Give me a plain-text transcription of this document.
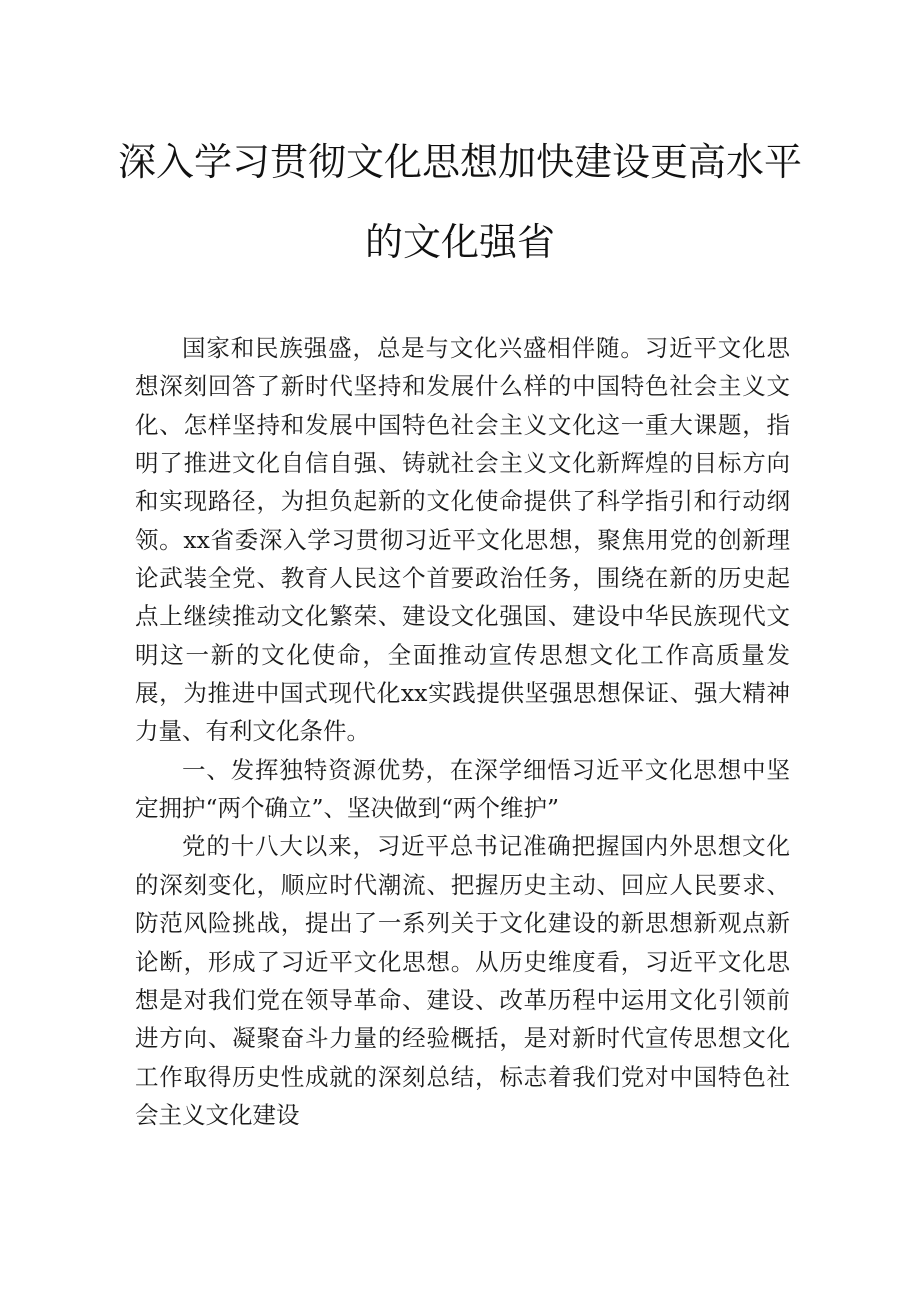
深入学习贯彻文化思想加快建设更高水平
的文化强省

国家和民族强盛，总是与文化兴盛相伴随。习近平文化思想深刻回答了新时代坚持和发展什么样的中国特色社会主义文化、怎样坚持和发展中国特色社会主义文化这一重大课题，指明了推进文化自信自强、铸就社会主义文化新辉煌的目标方向和实现路径，为担负起新的文化使命提供了科学指引和行动纲领。xx省委深入学习贯彻习近平文化思想，聚焦用党的创新理论武装全党、教育人民这个首要政治任务，围绕在新的历史起点上继续推动文化繁荣、建设文化强国、建设中华民族现代文明这一新的文化使命，全面推动宣传思想文化工作高质量发展，为推进中国式现代化xx实践提供坚强思想保证、强大精神力量、有利文化条件。

一、发挥独特资源优势，在深学细悟习近平文化思想中坚定拥护“两个确立”、坚决做到“两个维护”

党的十八大以来，习近平总书记准确把握国内外思想文化的深刻变化，顺应时代潮流、把握历史主动、回应人民要求、防范风险挑战，提出了一系列关于文化建设的新思想新观点新论断，形成了习近平文化思想。从历史维度看，习近平文化思想是对我们党在领导革命、建设、改革历程中运用文化引领前进方向、凝聚奋斗力量的经验概括，是对新时代宣传思想文化工作取得历史性成就的深刻总结，标志着我们党对中国特色社会主义文化建设
